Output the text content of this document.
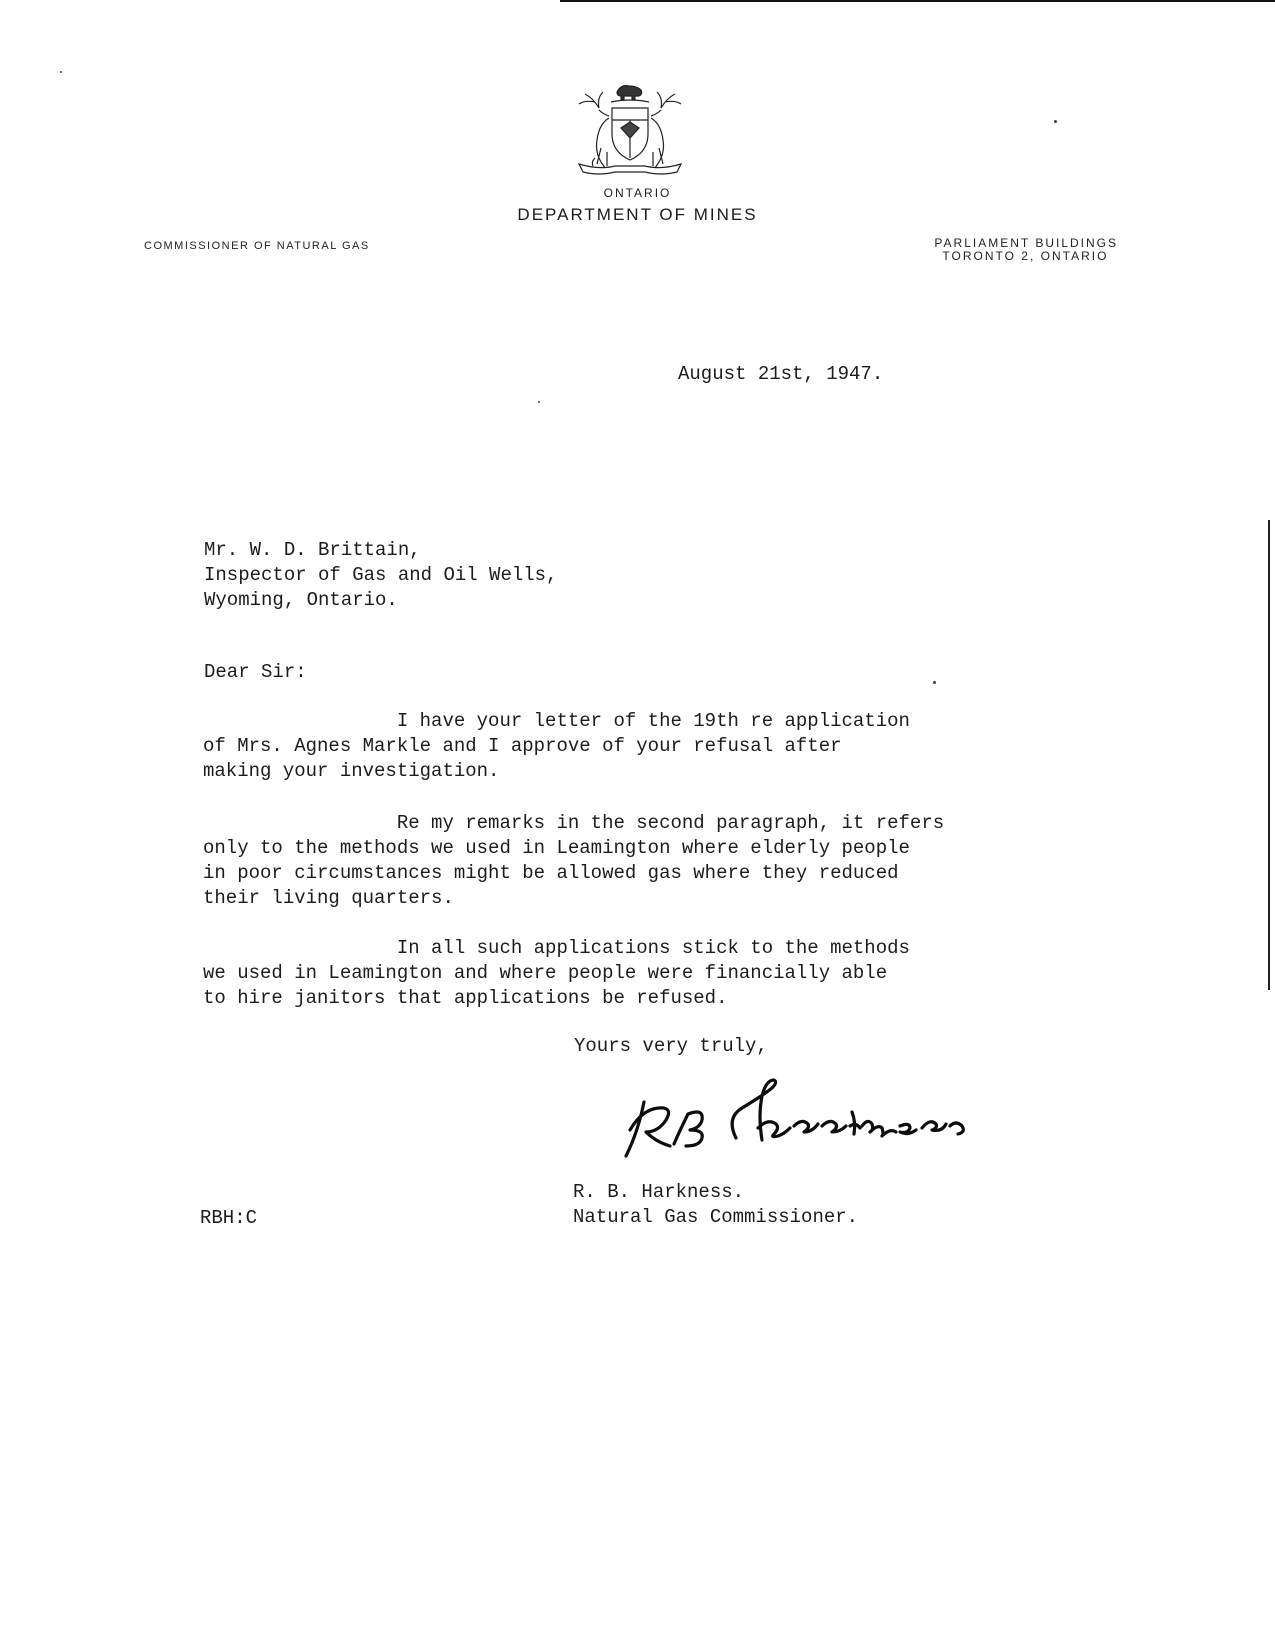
ONTARIO
DEPARTMENT OF MINES
COMMISSIONER OF NATURAL GAS	PARLIAMENT BUILDINGS
TORONTO 2, ONTARIO
August 21st, 1947.
Mr. W. D. Brittain,
Inspector of Gas and Oil Wells,
Wyoming, Ontario.
Dear Sir:
I have your letter of the 19th re application
of Mrs. Agnes Markle and I approve of your refusal after
making your investigation.
Re my remarks in the second paragraph, it refers
only to the methods we used in Leamington where elderly people
in poor circumstances might be allowed gas where they reduced
their living quarters.
In all such applications stick to the methods
we used in Leamington and where people were financially able
to hire janitors that applications be refused.
Yours very truly,
R. B. Harkness.
Natural Gas Commissioner.
RBH:C
